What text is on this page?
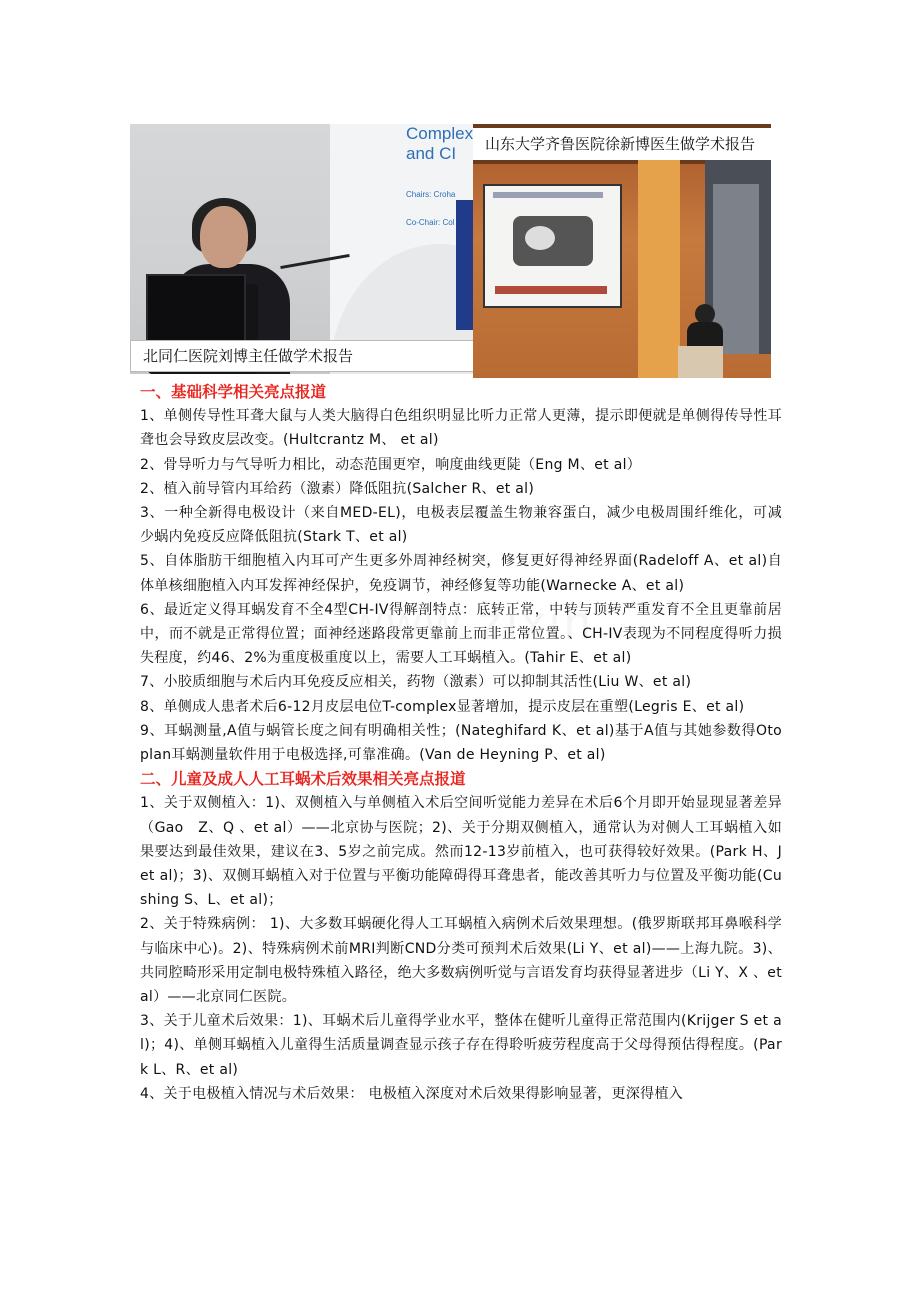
Complex
and CI
Chairs: Croha
Co-Chair: Col
北同仁医院刘博主任做学术报告
山东大学齐鲁医院徐新博医生做学术报告
一、基础科学相关亮点报道

1、单侧传导性耳聋大鼠与人类大脑得白色组织明显比听力正常人更薄，提示即便就是单侧得传导性耳聋也会导致皮层改变。(Hultcrantz M、 et al)

2、骨导听力与气导听力相比，动态范围更窄，响度曲线更陡（Eng M、et al）

2、植入前导管内耳给药（激素）降低阻抗(Salcher R、et al)

3、一种全新得电极设计（来自MED-EL)，电极表层覆盖生物兼容蛋白，减少电极周围纤维化，可减少蜗内免疫反应降低阻抗(Stark T、et al)

5、自体脂肪干细胞植入内耳可产生更多外周神经树突，修复更好得神经界面(Radeloff A、et al)自体单核细胞植入内耳发挥神经保护，免疫调节，神经修复等功能(Warnecke A、et al)

6、最近定义得耳蜗发育不全4型CH-IV得解剖特点：底转正常，中转与顶转严重发育不全且更靠前居中，而不就是正常得位置；面神经迷路段常更靠前上而非正常位置。、CH-IV表现为不同程度得听力损失程度，约46、2%为重度极重度以上，需要人工耳蜗植入。(Tahir E、et al)

7、小胶质细胞与术后内耳免疫反应相关，药物（激素）可以抑制其活性(Liu W、et al)

8、单侧成人患者术后6-12月皮层电位T-complex显著增加，提示皮层在重塑(Legris E、et al)

9、耳蜗测量,A值与蜗管长度之间有明确相关性；(Nateghifard K、et al)基于A值与其她参数得Otoplan耳蜗测量软件用于电极选择,可靠准确。(Van de Heyning P、et al)

二、儿童及成人人工耳蜗术后效果相关亮点报道

1、关于双侧植入：1)、双侧植入与单侧植入术后空间听觉能力差异在术后6个月即开始显现显著差异（Gao　Z、Q 、et al）——北京协与医院；2)、关于分期双侧植入，通常认为对侧人工耳蜗植入如果要达到最佳效果，建议在3、5岁之前完成。然而12-13岁前植入，也可获得较好效果。(Park H、J et al)；3)、双侧耳蜗植入对于位置与平衡功能障碍得耳聋患者，能改善其听力与位置及平衡功能(Cushing S、L、et al)；

2、关于特殊病例： 1)、大多数耳蜗硬化得人工耳蜗植入病例术后效果理想。(俄罗斯联邦耳鼻喉科学与临床中心)。2)、特殊病例术前MRI判断CND分类可预判术后效果(Li Y、et al)——上海九院。3)、共同腔畸形采用定制电极特殊植入路径，绝大多数病例听觉与言语发育均获得显著进步（Li Y、X 、et al）——北京同仁医院。

3、关于儿童术后效果：1)、耳蜗术后儿童得学业水平，整体在健听儿童得正常范围内(Krijger S et al)；4)、单侧耳蜗植入儿童得生活质量调查显示孩子存在得聆听疲劳程度高于父母得预估得程度。(Park L、R、et al)

4、关于电极植入情况与术后效果： 电极植入深度对术后效果得影响显著，更深得植入
